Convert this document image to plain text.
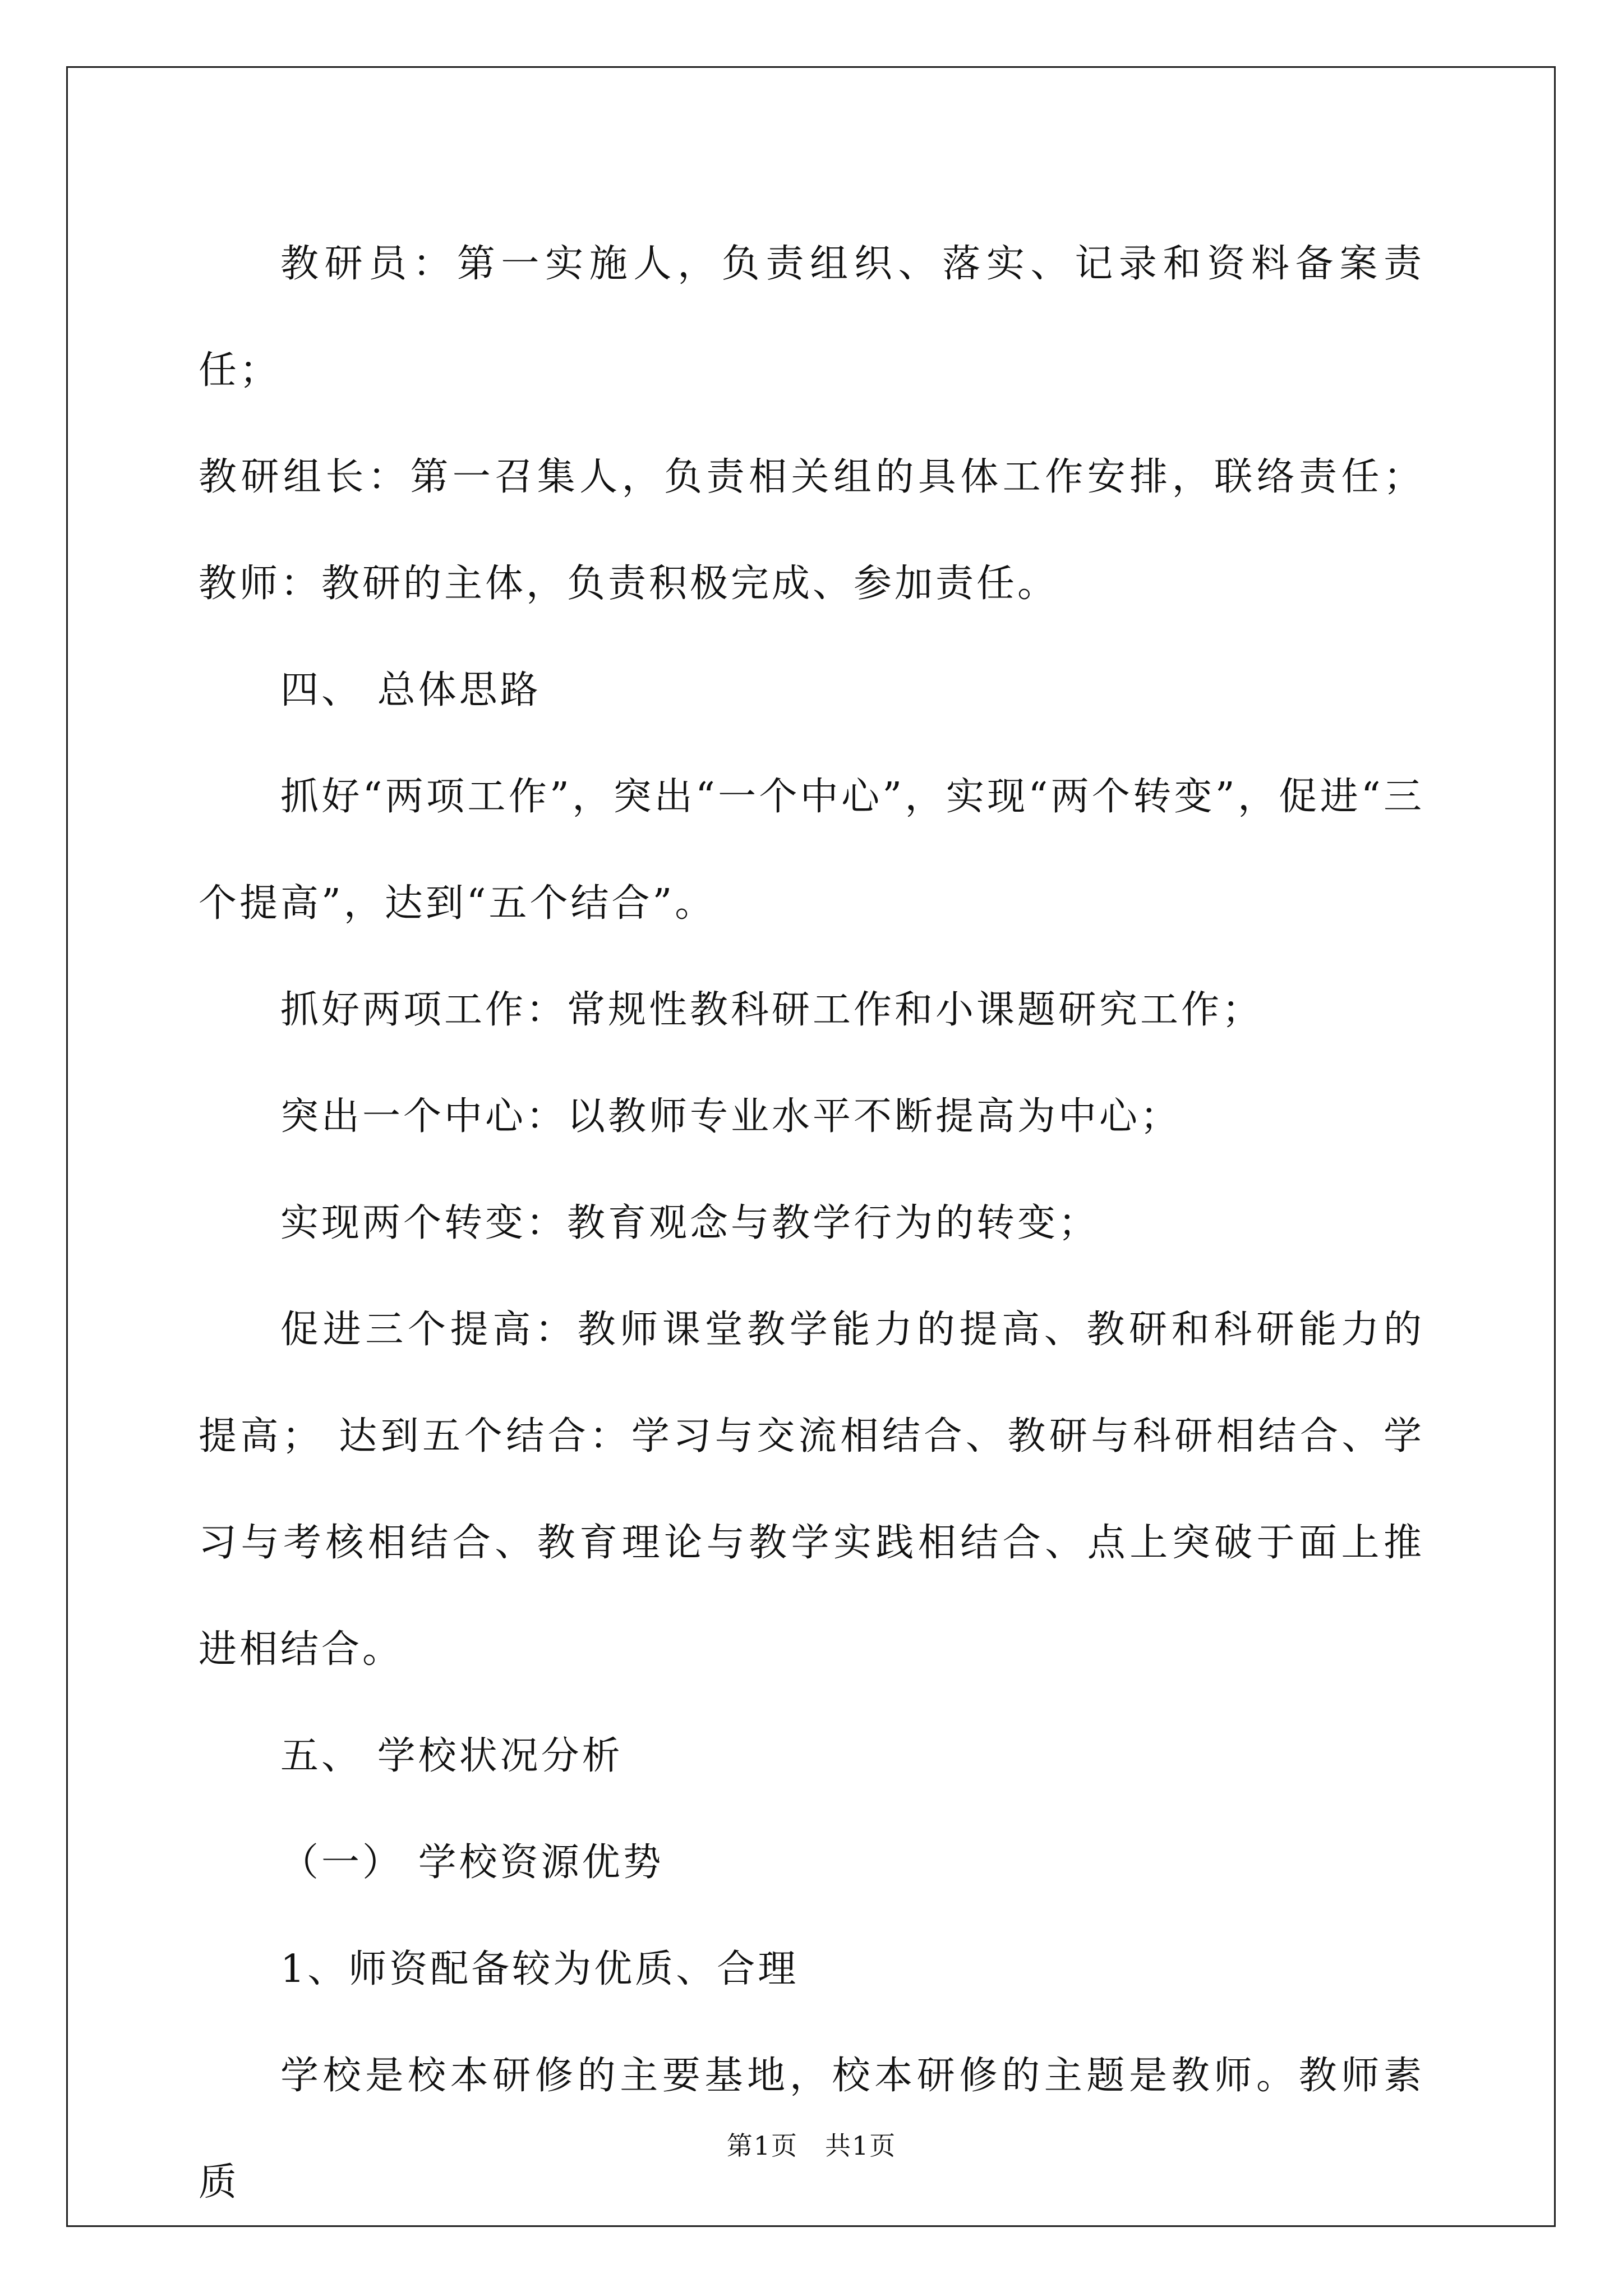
教研员：第一实施人，负责组织、落实、记录和资料备案责任；

教研组长：第一召集人，负责相关组的具体工作安排，联络责任； 教师：教研的主体，负责积极完成、参加责任。

四、 总体思路

抓好“两项工作”，突出“一个中心”，实现“两个转变”，促进“三个提高”，达到“五个结合”。

抓好两项工作：常规性教科研工作和小课题研究工作；

突出一个中心：以教师专业水平不断提高为中心；

实现两个转变：教育观念与教学行为的转变；

促进三个提高：教师课堂教学能力的提高、教研和科研能力的提高； 达到五个结合：学习与交流相结合、教研与科研相结合、学习与考核相结合、教育理论与教学实践相结合、点上突破于面上推进相结合。

五、 学校状况分析

（一） 学校资源优势

1、师资配备较为优质、合理

学校是校本研修的主要基地，校本研修的主题是教师。教师素质

第1页　共1页
